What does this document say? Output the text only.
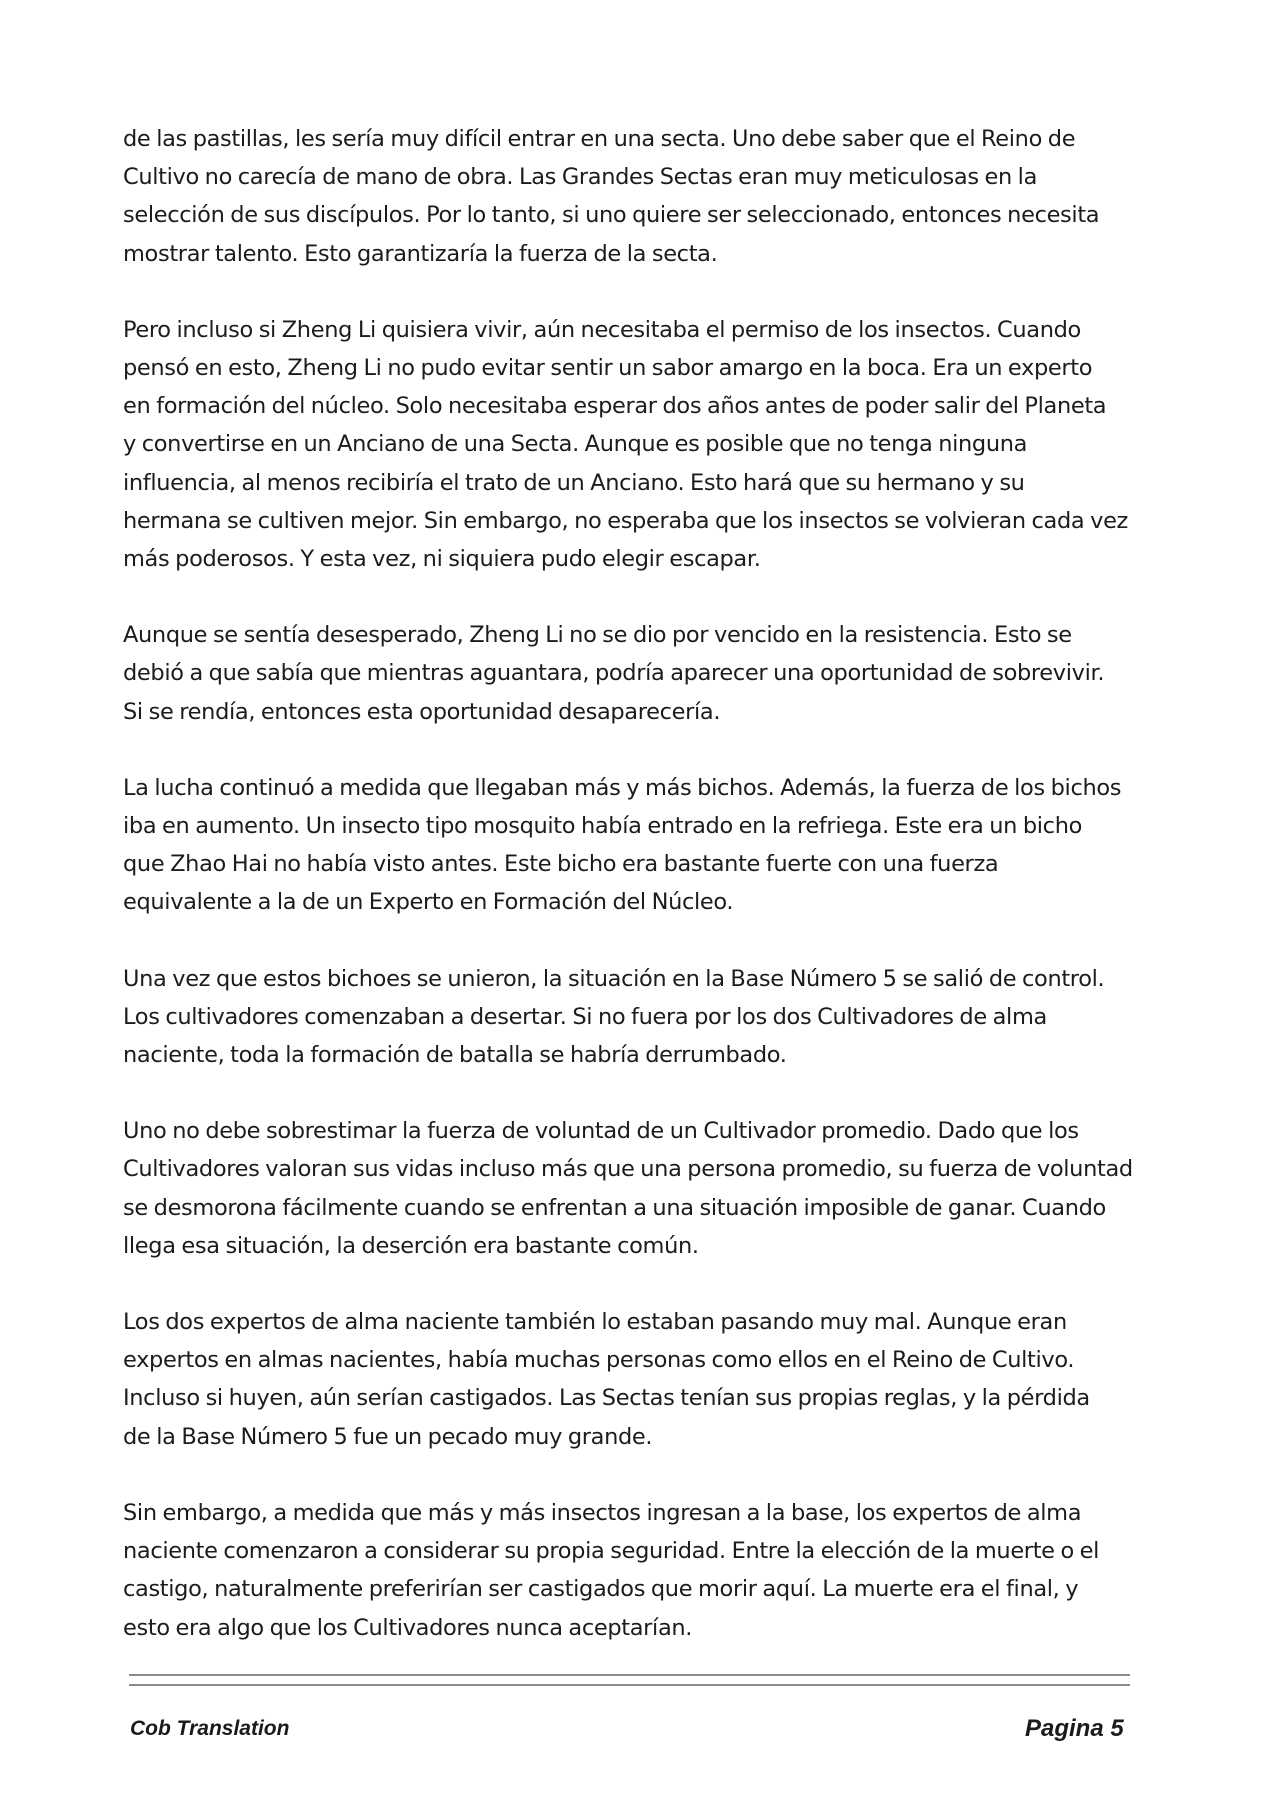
de las pastillas, les sería muy difícil entrar en una secta. Uno debe saber que el Reino de
Cultivo no carecía de mano de obra. Las Grandes Sectas eran muy meticulosas en la
selección de sus discípulos. Por lo tanto, si uno quiere ser seleccionado, entonces necesita
mostrar talento. Esto garantizaría la fuerza de la secta.

Pero incluso si Zheng Li quisiera vivir, aún necesitaba el permiso de los insectos. Cuando
pensó en esto, Zheng Li no pudo evitar sentir un sabor amargo en la boca. Era un experto
en formación del núcleo. Solo necesitaba esperar dos años antes de poder salir del Planeta
y convertirse en un Anciano de una Secta. Aunque es posible que no tenga ninguna
influencia, al menos recibiría el trato de un Anciano. Esto hará que su hermano y su
hermana se cultiven mejor. Sin embargo, no esperaba que los insectos se volvieran cada vez
más poderosos. Y esta vez, ni siquiera pudo elegir escapar.

Aunque se sentía desesperado, Zheng Li no se dio por vencido en la resistencia. Esto se
debió a que sabía que mientras aguantara, podría aparecer una oportunidad de sobrevivir.
Si se rendía, entonces esta oportunidad desaparecería.

La lucha continuó a medida que llegaban más y más bichos. Además, la fuerza de los bichos
iba en aumento. Un insecto tipo mosquito había entrado en la refriega. Este era un bicho
que Zhao Hai no había visto antes. Este bicho era bastante fuerte con una fuerza
equivalente a la de un Experto en Formación del Núcleo.

Una vez que estos bichoes se unieron, la situación en la Base Número 5 se salió de control.
Los cultivadores comenzaban a desertar. Si no fuera por los dos Cultivadores de alma
naciente, toda la formación de batalla se habría derrumbado.

Uno no debe sobrestimar la fuerza de voluntad de un Cultivador promedio. Dado que los
Cultivadores valoran sus vidas incluso más que una persona promedio, su fuerza de voluntad
se desmorona fácilmente cuando se enfrentan a una situación imposible de ganar. Cuando
llega esa situación, la deserción era bastante común.

Los dos expertos de alma naciente también lo estaban pasando muy mal. Aunque eran
expertos en almas nacientes, había muchas personas como ellos en el Reino de Cultivo.
Incluso si huyen, aún serían castigados. Las Sectas tenían sus propias reglas, y la pérdida
de la Base Número 5 fue un pecado muy grande.

Sin embargo, a medida que más y más insectos ingresan a la base, los expertos de alma
naciente comenzaron a considerar su propia seguridad. Entre la elección de la muerte o el
castigo, naturalmente preferirían ser castigados que morir aquí. La muerte era el final, y
esto era algo que los Cultivadores nunca aceptarían.

Cob Translation	Pagina 5
